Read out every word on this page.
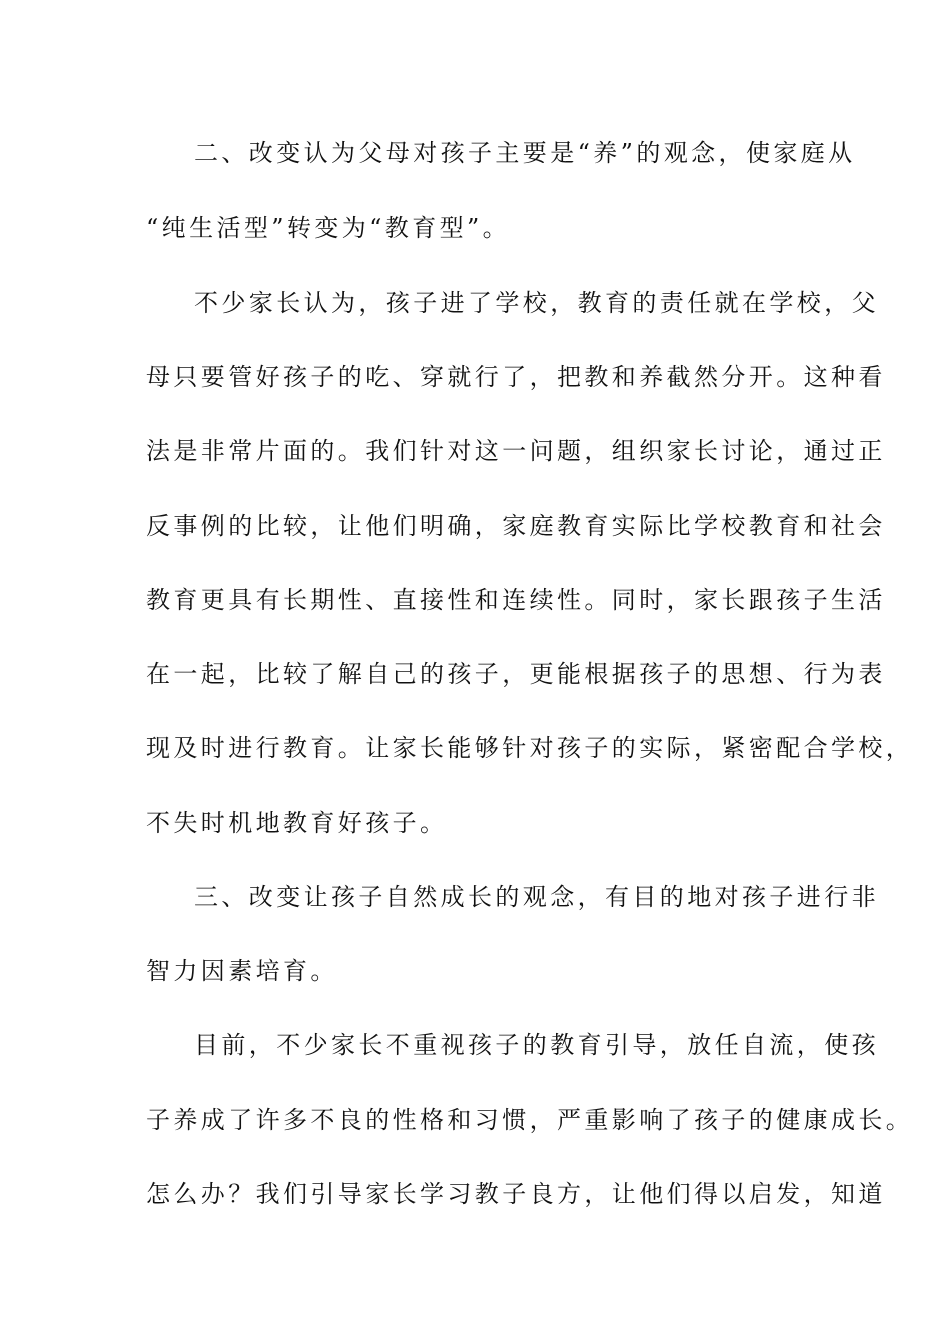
二、改变认为父母对孩子主要是“养”的观念，使家庭从
“纯生活型”转变为“教育型”。
不少家长认为，孩子进了学校，教育的责任就在学校，父
母只要管好孩子的吃、穿就行了，把教和养截然分开。这种看
法是非常片面的。我们针对这一问题，组织家长讨论，通过正
反事例的比较，让他们明确，家庭教育实际比学校教育和社会
教育更具有长期性、直接性和连续性。同时，家长跟孩子生活
在一起，比较了解自己的孩子，更能根据孩子的思想、行为表
现及时进行教育。让家长能够针对孩子的实际，紧密配合学校，
不失时机地教育好孩子。
三、改变让孩子自然成长的观念，有目的地对孩子进行非
智力因素培育。
目前，不少家长不重视孩子的教育引导，放任自流，使孩
子养成了许多不良的性格和习惯，严重影响了孩子的健康成长。
怎么办？我们引导家长学习教子良方，让他们得以启发，知道
